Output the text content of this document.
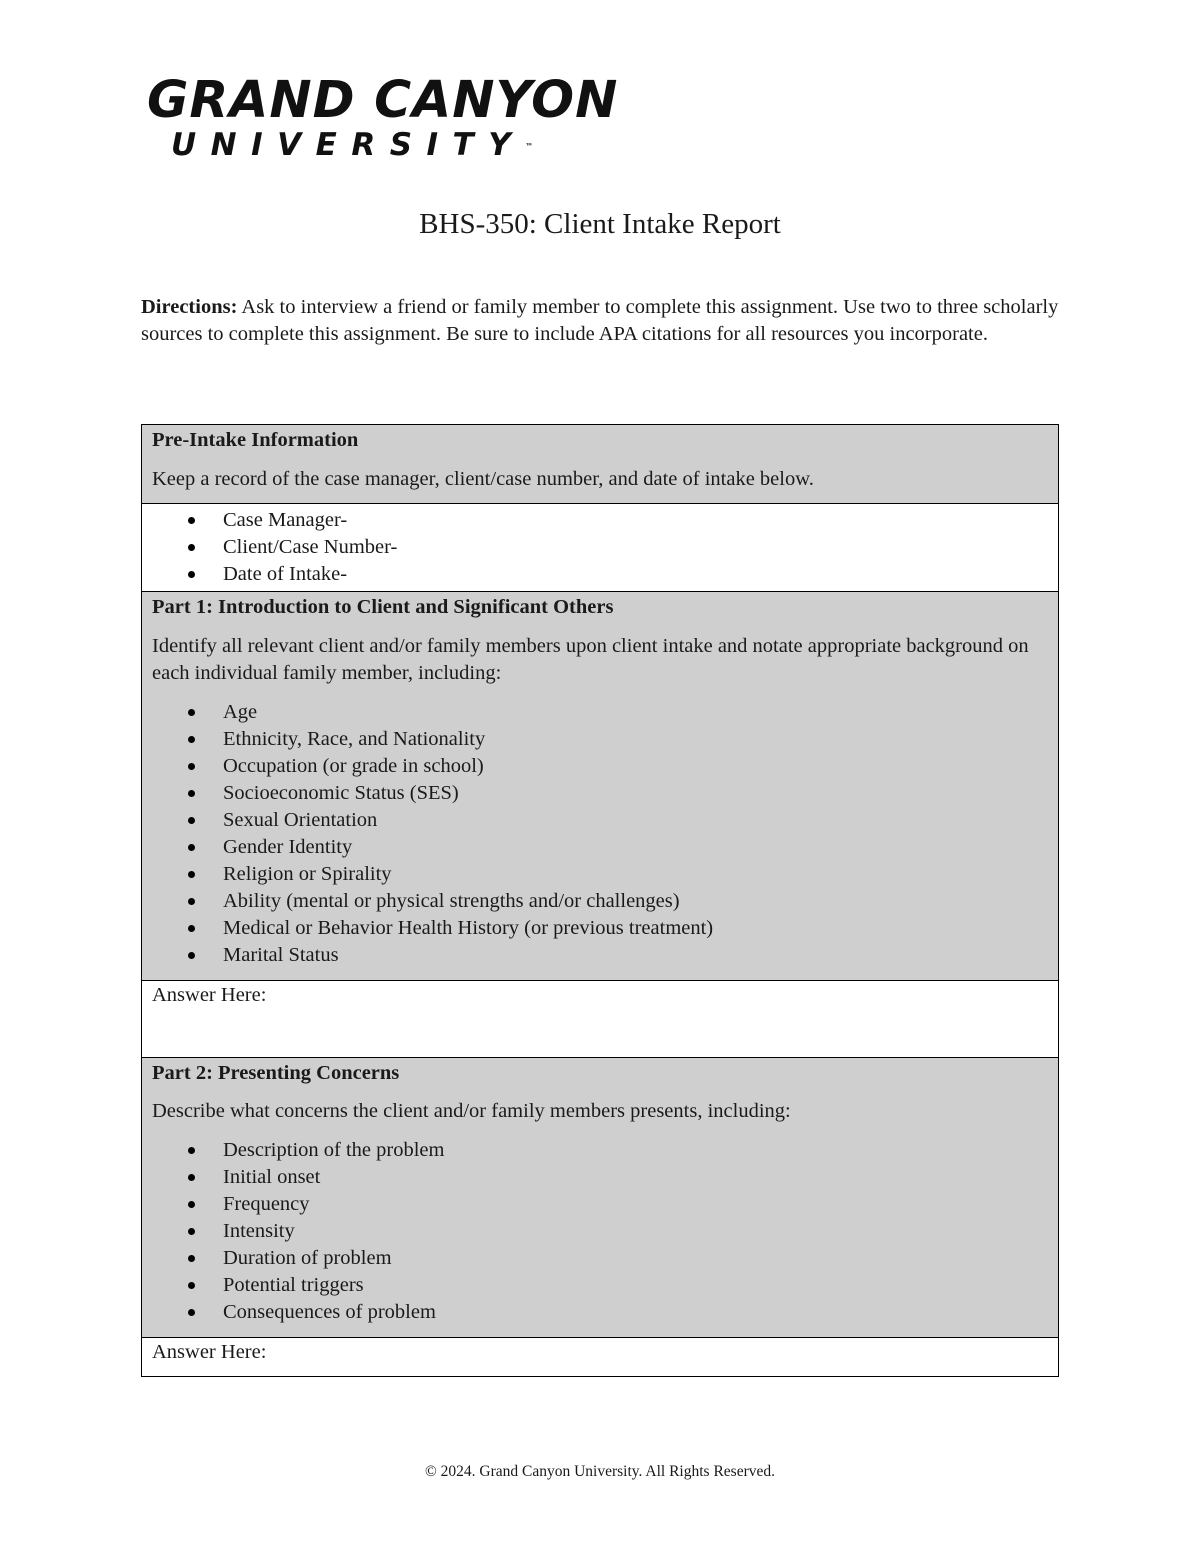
GRAND CANYON
UNIVERSITY™
BHS-350: Client Intake Report
Directions: Ask to interview a friend or family member to complete this assignment. Use two to three scholarly sources to complete this assignment. Be sure to include APA citations for all resources you incorporate.
Pre-Intake Information
Keep a record of the case manager, client/case number, and date of intake below.

Case Manager-
Client/Case Number-
Date of Intake-

Part 1: Introduction to Client and Significant Others
Identify all relevant client and/or family members upon client intake and notate appropriate background on each individual family member, including:
Age
Ethnicity, Race, and Nationality
Occupation (or grade in school)
Socioeconomic Status (SES)
Sexual Orientation
Gender Identity
Religion or Spirality
Ability (mental or physical strengths and/or challenges)
Medical or Behavior Health History (or previous treatment)
Marital Status

Answer Here:

Part 2: Presenting Concerns
Describe what concerns the client and/or family members presents, including:
Description of the problem
Initial onset
Frequency
Intensity
Duration of problem
Potential triggers
Consequences of problem

Answer Here:
© 2024. Grand Canyon University. All Rights Reserved.
